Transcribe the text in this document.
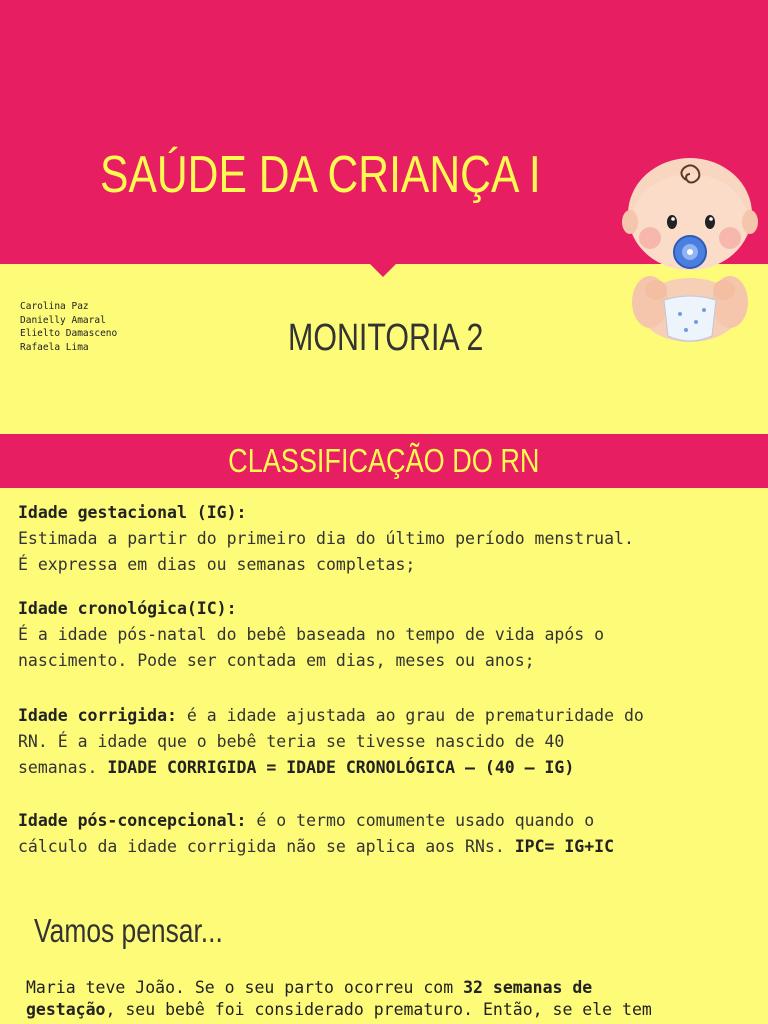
SAÚDE DA CRIANÇA I
Carolina Paz
Danielly Amaral
Elielto Damasceno
Rafaela Lima	MONITORIA 2
CLASSIFICAÇÃO DO RN
Idade gestacional (IG):
Estimada a partir do primeiro dia do último período menstrual.
É expressa em dias ou semanas completas;
Idade cronológica(IC):
É a idade pós-natal do bebê baseada no tempo de vida após o
nascimento. Pode ser contada em dias, meses ou anos;
Idade corrigida: é a idade ajustada ao grau de prematuridade do
RN. É a idade que o bebê teria se tivesse nascido de 40
semanas. IDADE CORRIGIDA = IDADE CRONOLÓGICA – (40 – IG)
Idade pós-concepcional: é o termo comumente usado quando o
cálculo da idade corrigida não se aplica aos RNs. IPC= IG+IC
Vamos pensar...
Maria teve João. Se o seu parto ocorreu com 32 semanas de
gestação, seu bebê foi considerado prematuro. Então, se ele tem
